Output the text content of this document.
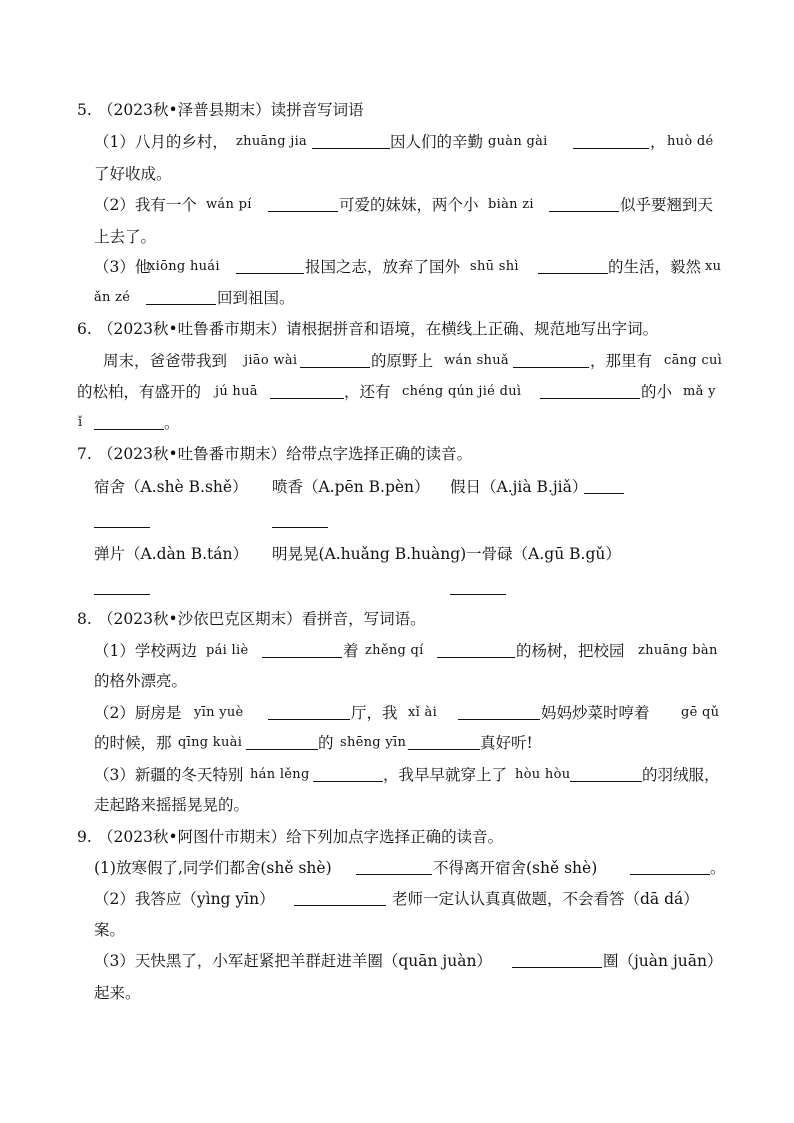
5. （2023秋•泽普县期末）读拼音写词语
（1）八月的乡村， zhuāng jia	因人们的辛勤 guàn gài	， huò dé
了好收成。
（2）我有一个 wán pí	可爱的妹妹，两个小 biàn zi	似乎要翘到天
上去了。
（3）他
xiōng huái	报国之志，放弃了国外 shū shì	的生活，毅然 xu
ǎn zé	回到祖国。
6. （2023秋•吐鲁番市期末）请根据拼音和语境，在横线上正确、规范地写出字词。
周末，爸爸带我到 jiāo wài	的原野上 wán shuǎ	，那里有 cāng cuì
的松柏，有盛开的 jú huā	，还有 chéng qún jié duì	的小 mǎ y
ǐ	。
7. （2023秋•吐鲁番市期末）给带点字选择正确的读音。
宿舍（A.shè B.shě） 喷香（A.pēn B.pèn） 假日（A.jià B.jiǎ）
弹片（A.dàn B.tán） 明晃晃(A.huǎng B.huàng)一骨碌（A.gū B.gǔ）
8. （2023秋•沙依巴克区期末）看拼音，写词语。
（1）学校两边 pái liè	着 zhěng qí	的杨树，把校园 zhuāng bàn
的格外漂亮。
（2）厨房是 yīn yuè	厅，我 xǐ ài	妈妈炒菜时哼着 gē qǔ
的时候，那 qīng kuài	的 shēng yīn	真好听!
（3）新疆的冬天特别 hán lěng	，我早早就穿上了 hòu hòu	的羽绒服，
走起路来摇摇晃晃的。
9. （2023秋•阿图什市期末）给下列加点字选择正确的读音。
(1)放寒假了,同学们都舍(shě shè)	不得离开宿舍(shě shè)	。
（2）我答应（yìng yīn）	老师一定认认真真做题，不会看答（dā dá）
案。
（3）天快黑了，小军赶紧把羊群赶进羊圈（quān juàn）	圈（juàn juān）
起来。
